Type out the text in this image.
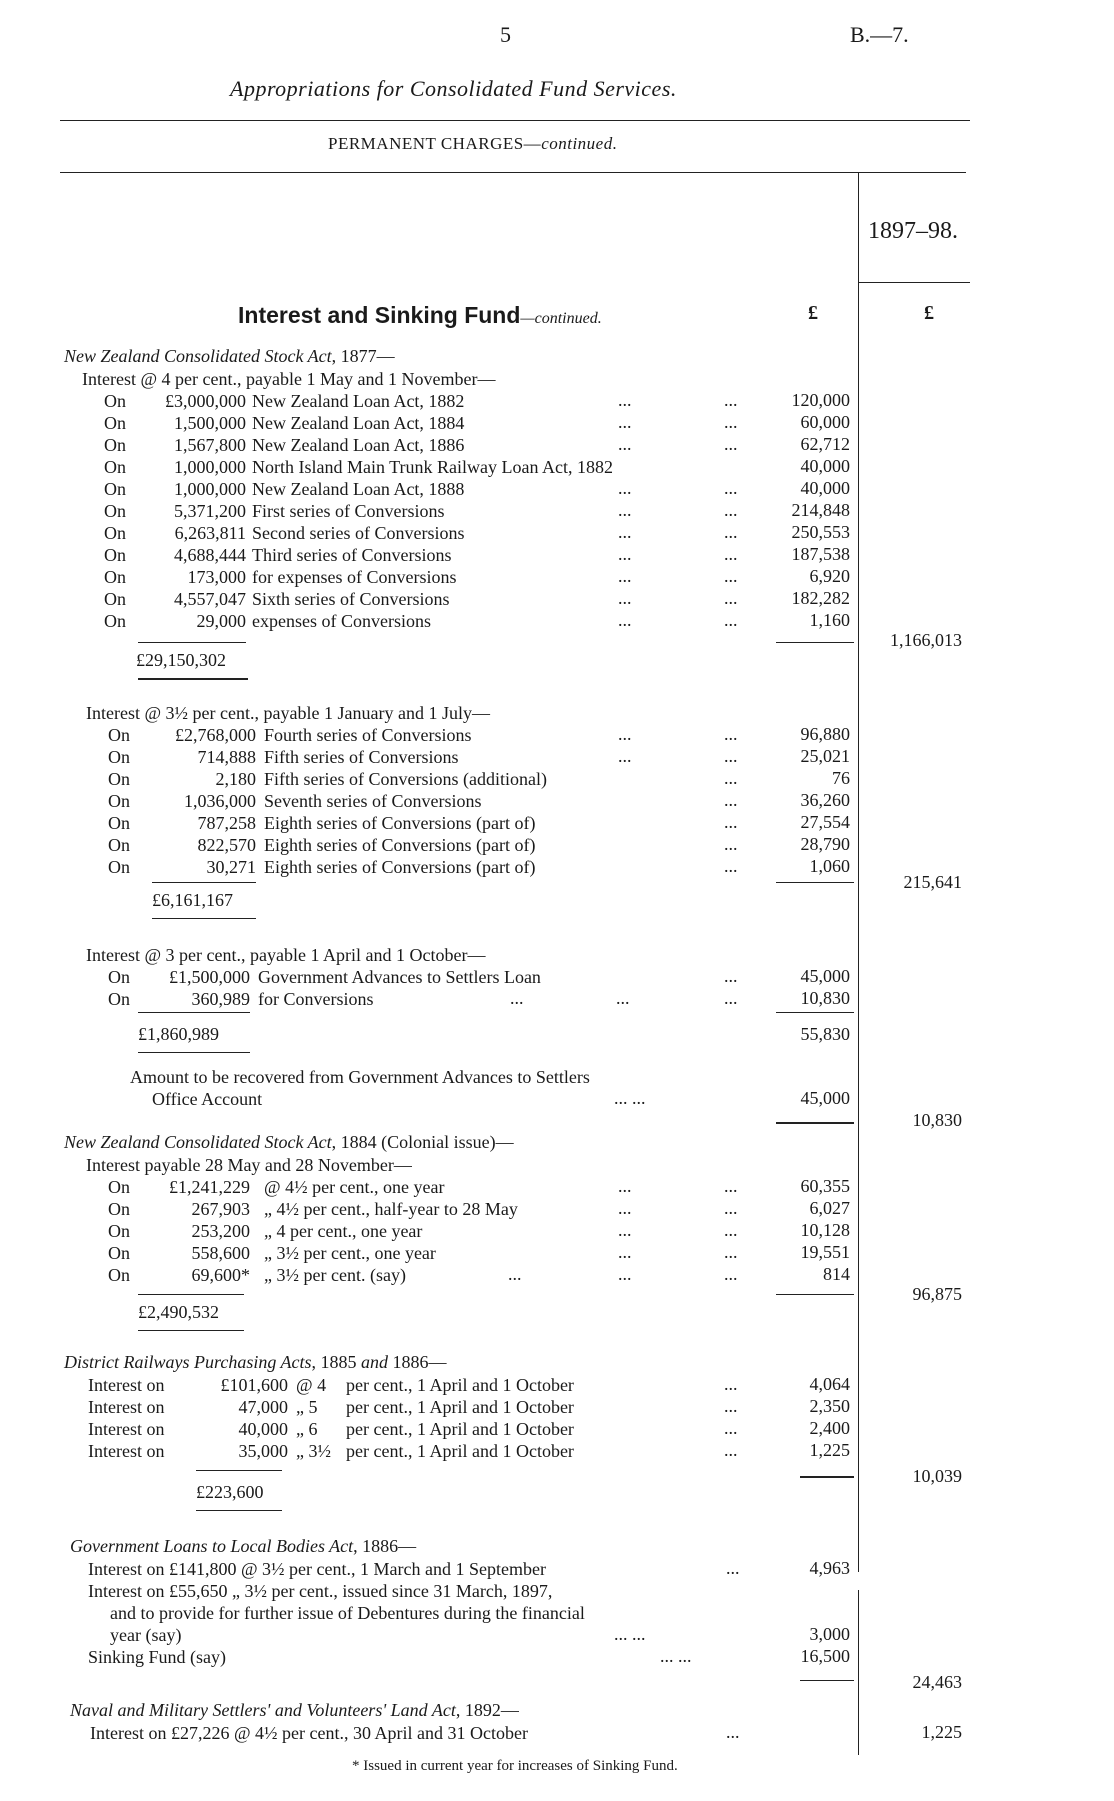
5	B.—7.
Appropriations for Consolidated Fund Services.
PERMANENT CHARGES—continued.
1897–98.
Interest and Sinking Fund—continued.	£	£
New Zealand Consolidated Stock Act, 1877—
Interest @ 4 per cent., payable 1 May and 1 November—
On	£3,000,000 New Zealand Loan Act, 1882	...	...	120,000
On	1,500,000 New Zealand Loan Act, 1884	...	...	60,000
On	1,567,800 New Zealand Loan Act, 1886	...	...	62,712
On	1,000,000 North Island Main Trunk Railway Loan Act, 1882	40,000
On	1,000,000 New Zealand Loan Act, 1888	...	...	40,000
On	5,371,200 First series of Conversions	...	...	214,848
On	6,263,811 Second series of Conversions	...	...	250,553
On	4,688,444 Third series of Conversions	...	...	187,538
On	173,000 for expenses of Conversions	...	...	6,920
On	4,557,047 Sixth series of Conversions	...	...	182,282
On	29,000 expenses of Conversions	...	...	1,160
£29,150,302
1,166,013
Interest @ 3½ per cent., payable 1 January and 1 July—
On	£2,768,000 Fourth series of Conversions	...	...	96,880
On	714,888 Fifth series of Conversions	...	...	25,021
On	2,180 Fifth series of Conversions (additional)	...	76
On	1,036,000 Seventh series of Conversions	...	36,260
On	787,258 Eighth series of Conversions (part of)	...	27,554
On	822,570 Eighth series of Conversions (part of)	...	28,790
On	30,271 Eighth series of Conversions (part of)	...	1,060
£6,161,167
215,641
Interest @ 3 per cent., payable 1 April and 1 October—
On	£1,500,000 Government Advances to Settlers Loan	...	45,000
On	360,989 for Conversions	...	...	...	10,830
£1,860,989	55,830
Amount to be recovered from Government Advances to Settlers
Office Account	... ...	45,000
10,830
New Zealand Consolidated Stock Act, 1884 (Colonial issue)—
Interest payable 28 May and 28 November—
On	£1,241,229 @ 4½ per cent., one year	...	...	60,355
On	267,903 „ 4½ per cent., half-year to 28 May	...	...	6,027
On	253,200 „ 4 per cent., one year	...	...	10,128
On	558,600 „ 3½ per cent., one year	...	...	19,551
On	69,600* „ 3½ per cent. (say)	...	...	...	814
£2,490,532
96,875
District Railways Purchasing Acts, 1885 and 1886—
Interest on	£101,600 @ 4 per cent., 1 April and 1 October	...	4,064
Interest on	47,000 „ 5 per cent., 1 April and 1 October	...	2,350
Interest on	40,000 „ 6 per cent., 1 April and 1 October	...	2,400
Interest on	35,000 „ 3½ per cent., 1 April and 1 October	...	1,225
£223,600
10,039
Government Loans to Local Bodies Act, 1886—
Interest on £141,800 @ 3½ per cent., 1 March and 1 September	...	4,963
Interest on £55,650 „ 3½ per cent., issued since 31 March, 1897,
and to provide for further issue of Debentures during the financial
year (say)	... ...	3,000
Sinking Fund (say)	... ...	16,500
24,463
Naval and Military Settlers' and Volunteers' Land Act, 1892—
Interest on £27,226 @ 4½ per cent., 30 April and 31 October	...	1,225
* Issued in current year for increases of Sinking Fund.
